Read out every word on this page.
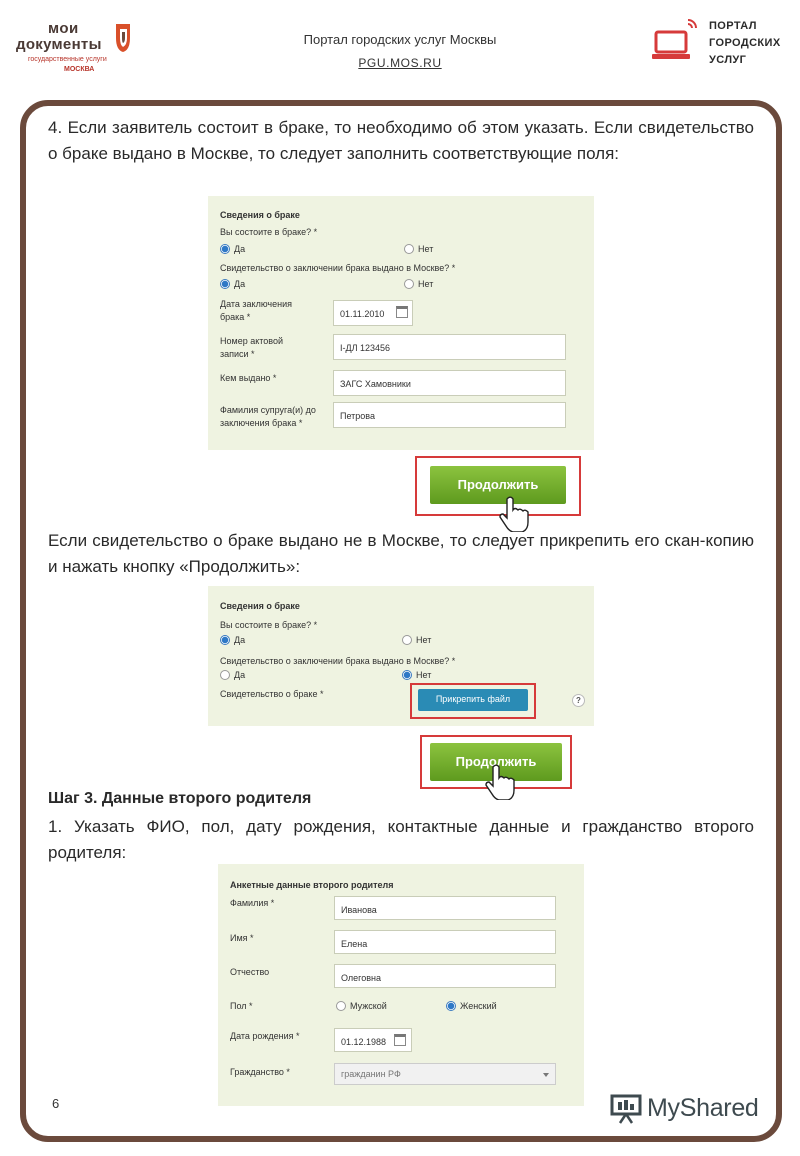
мои
документы
государственные услуги
МОСКВА
Портал городских услуг Москвы
PGU.MOS.RU
ПОРТАЛ
ГОРОДСКИХ
УСЛУГ
4. Если заявитель состоит в браке, то необходимо об этом указать. Если свидетельство о браке выдано в Москве, то следует заполнить соответствующие поля:
Сведения о браке
Вы состоите в браке? *
Да	Нет
Свидетельство о заключении брака выдано в Москве? *
Да	Нет
Дата заключения
брака *	01.11.2010
Номер актовой
записи *
I-ДЛ 123456
Кем выдано *
ЗАГС Хамовники
Фамилия супруга(и) до
заключения брака *
Петрова
Продолжить
Если свидетельство о браке выдано не в Москве, то следует прикрепить его скан-копию и нажать кнопку «Продолжить»:
Сведения о браке
Вы состоите в браке? *
Да	Нет
Свидетельство о заключении брака выдано в Москве? *
Да	Нет
Свидетельство о браке *
?
Прикрепить файл
Продолжить
Шаг 3. Данные второго родителя
1. Указать ФИО, пол, дату рождения, контактные данные и гражданство второго родителя:
Анкетные данные второго родителя
Фамилия *
Иванова
Имя *
Елена
Отчество
Олеговна
Пол *	Мужской	Женский
Дата рождения *
01.12.1988
Гражданство *	гражданин РФ
6	MyShared
